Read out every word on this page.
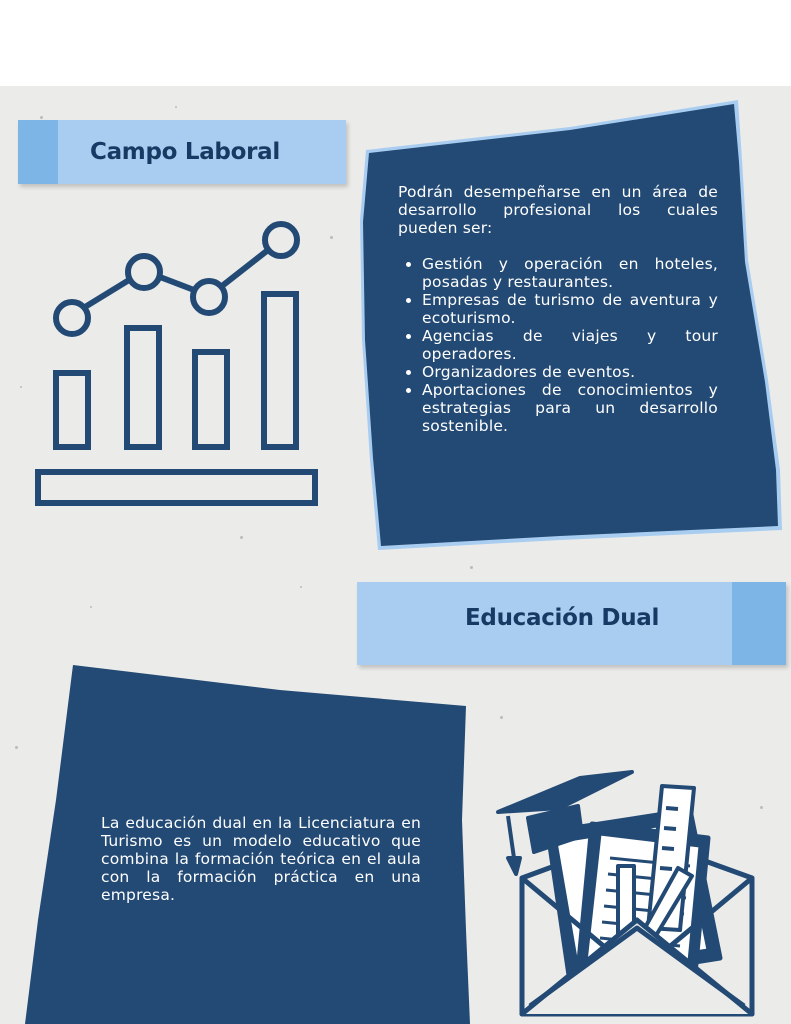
Campo Laboral

Podrán desempeñarse en un área de desarrollo profesional los cuales pueden ser:

• Gestión y operación en hoteles, posadas y restaurantes.
• Empresas de turismo de aventura y ecoturismo.
• Agencias de viajes y tour operadores.
• Organizadores de eventos.
• Aportaciones de conocimientos y estrategias para un desarrollo sostenible.
Educación Dual

La educación dual en la Licenciatura en Turismo es un modelo educativo que combina la formación teórica en el aula con la formación práctica en una empresa.
